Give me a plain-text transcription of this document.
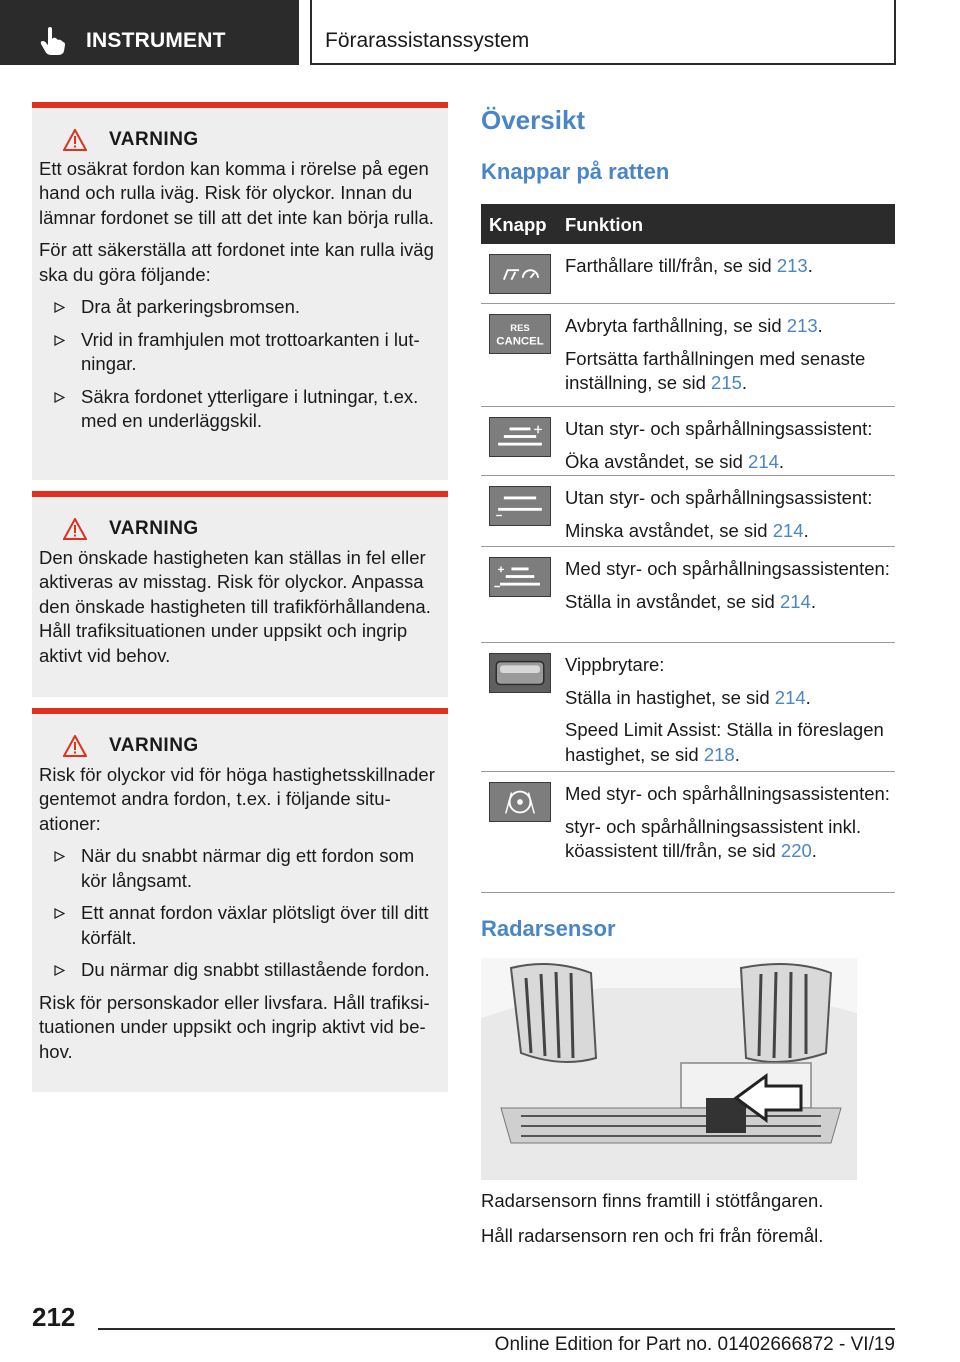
INSTRUMENT	Förarassistanssystem
VARNING

Ett osäkrat fordon kan komma i rörelse på egen hand och rulla iväg. Risk för olyckor. Innan du lämnar fordonet se till att det inte kan börja rulla.

För att säkerställa att fordonet inte kan rulla iväg ska du göra följande:

Dra åt parkeringsbromsen.
Vrid in framhjulen mot trottoarkanten i lutningar.
Säkra fordonet ytterligare i lutningar, t.ex. med en underläggskil.
VARNING

Den önskade hastigheten kan ställas in fel eller aktiveras av misstag. Risk för olyckor. Anpassa den önskade hastigheten till trafikförhållandena. Håll trafiksituationen under uppsikt och ingrip aktivt vid behov.

VARNING

Risk för olyckor vid för höga hastighetsskillnader gentemot andra fordon, t.ex. i följande situationer:

När du snabbt närmar dig ett fordon som kör långsamt.
Ett annat fordon växlar plötsligt över till ditt körfält.
Du närmar dig snabbt stillastående fordon.

Risk för personskador eller livsfara. Håll trafiksituationen under uppsikt och ingrip aktivt vid behov.

Översikt
Knappar på ratten
Knapp Funktion

Farthållare till/från, se sid 213.

RES
CANCEL

Avbryta farthållning, se sid 213.

Fortsätta farthållningen med senaste inställning, se sid 215.

Utan styr- och spårhållningsassistent:

Öka avståndet, se sid 214.

Utan styr- och spårhållningsassistent:

Minska avståndet, se sid 214.

Med styr- och spårhållningsassistenten:

Ställa in avståndet, se sid 214.

Vippbrytare:

Ställa in hastighet, se sid 214.

Speed Limit Assist: Ställa in föreslagen hastighet, se sid 218.

Med styr- och spårhållningsassistenten:

styr- och spårhållningsassistent inkl. köassistent till/från, se sid 220.

Radarsensor
Radarsensorn finns framtill i stötfångaren.
Håll radarsensorn ren och fri från föremål.
212
Online Edition for Part no. 01402666872 - VI/19
